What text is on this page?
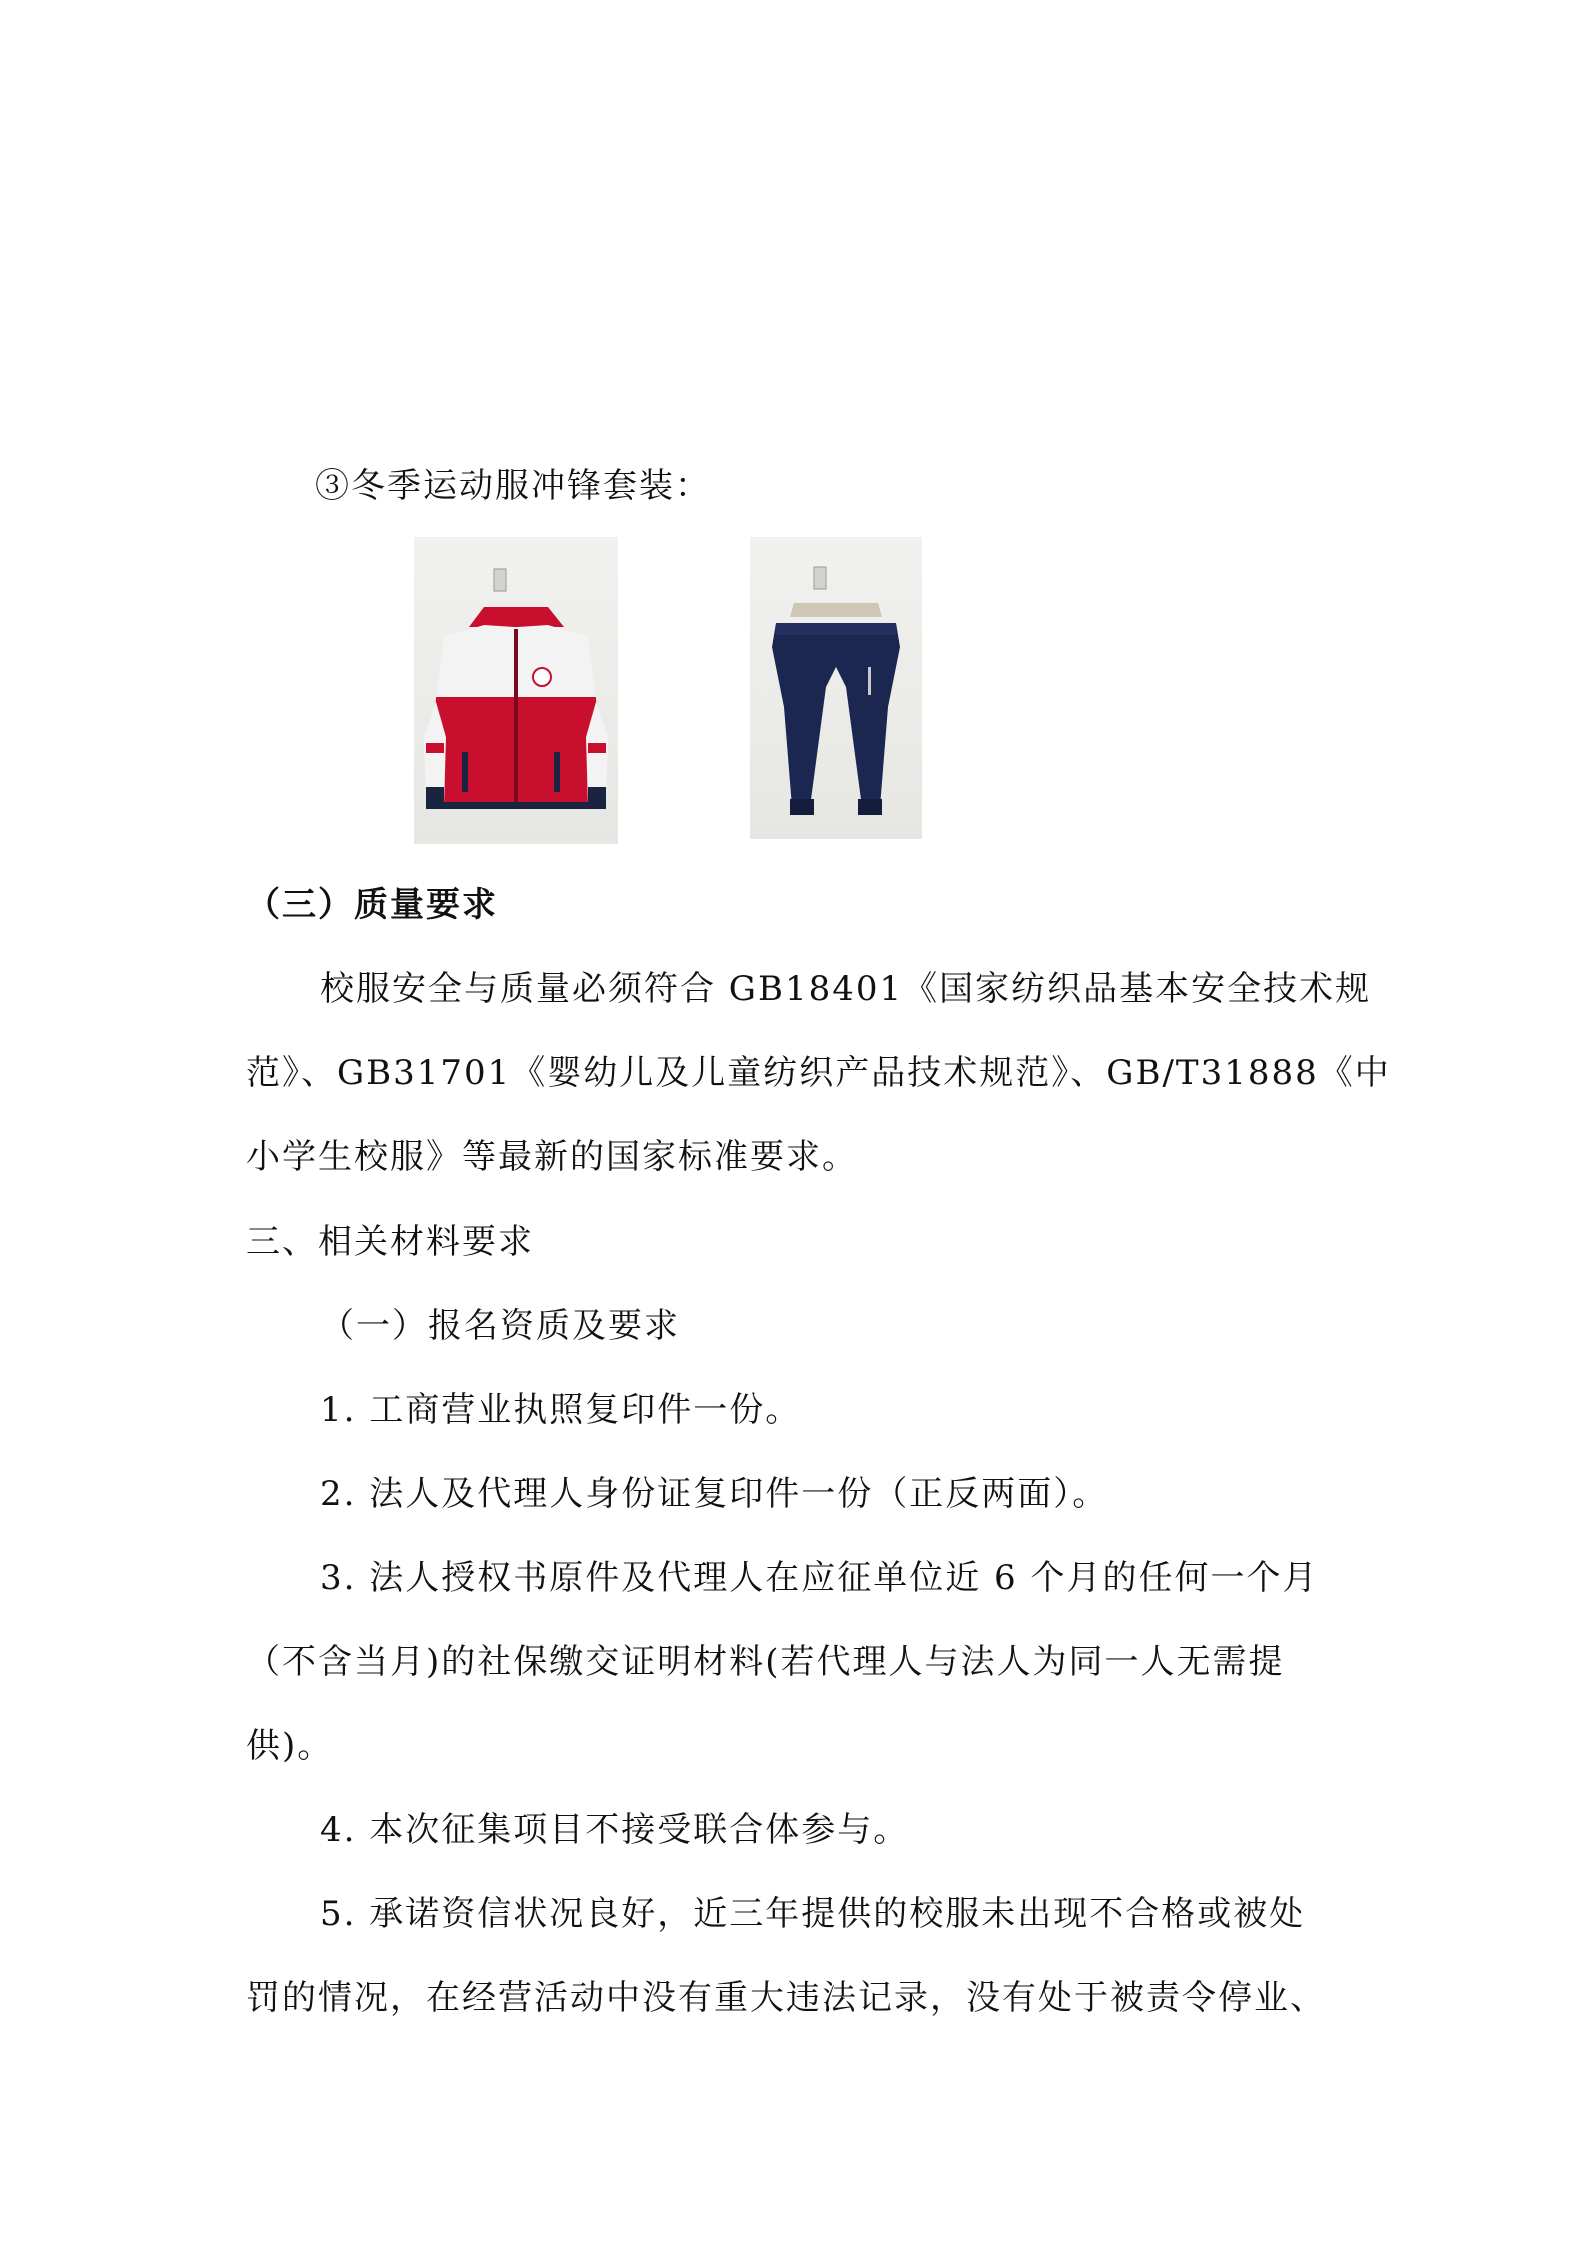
③冬季运动服冲锋套装：
（三）质量要求
校服安全与质量必须符合 GB18401《国家纺织品基本安全技术规
范》、GB31701《婴幼儿及儿童纺织产品技术规范》、GB/T31888《中
小学生校服》等最新的国家标准要求。
三、相关材料要求
（一）报名资质及要求
1. 工商营业执照复印件一份。
2. 法人及代理人身份证复印件一份（正反两面）。
3. 法人授权书原件及代理人在应征单位近 6 个月的任何一个月
（不含当月)的社保缴交证明材料(若代理人与法人为同一人无需提
供)。
4. 本次征集项目不接受联合体参与。
5. 承诺资信状况良好，近三年提供的校服未出现不合格或被处
罚的情况，在经营活动中没有重大违法记录，没有处于被责令停业、
